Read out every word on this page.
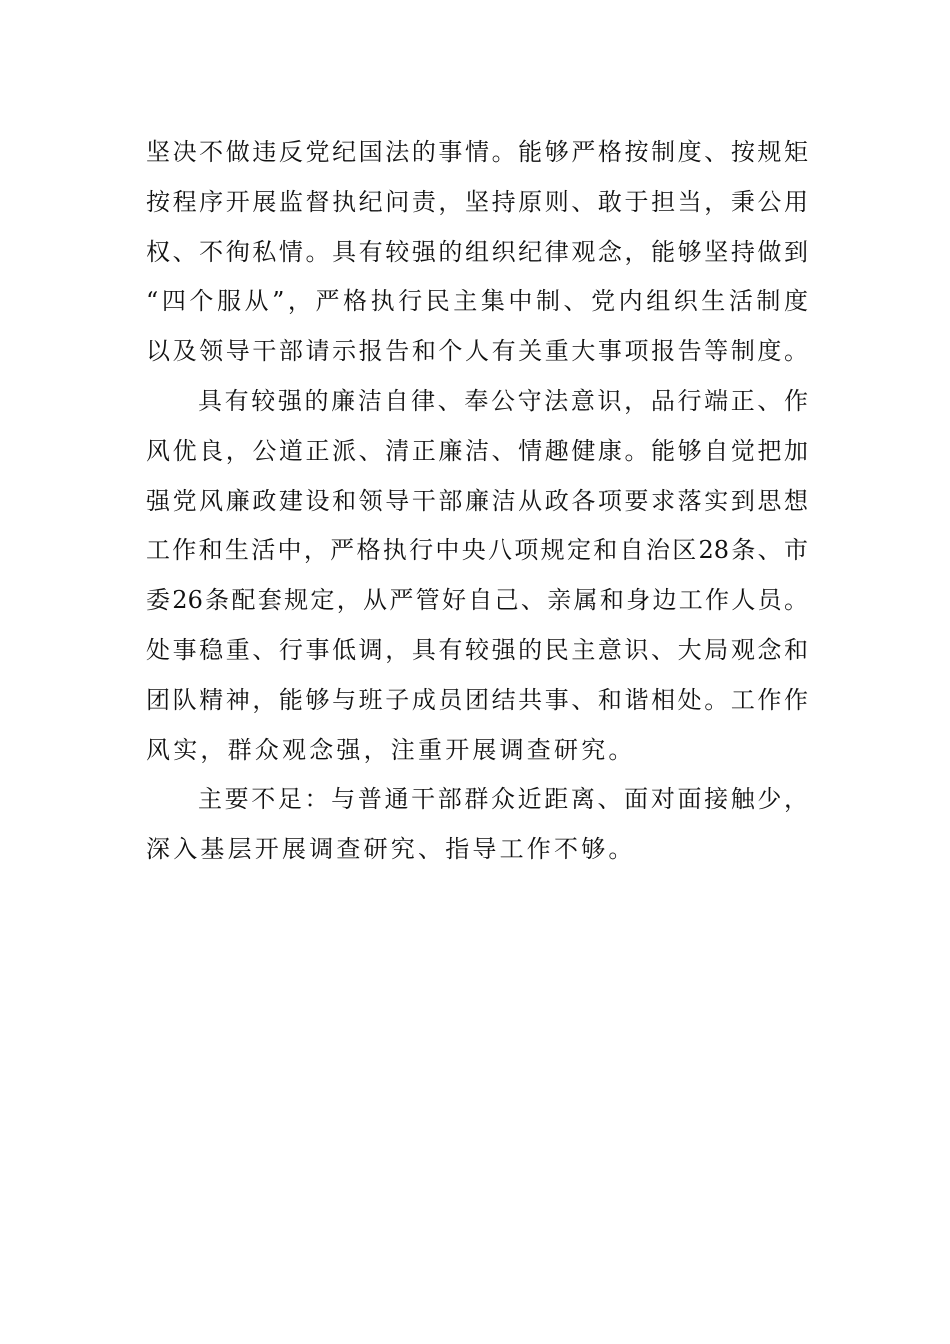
坚决不做违反党纪国法的事情。能够严格按制度、按规矩
按程序开展监督执纪问责，坚持原则、敢于担当，秉公用
权、不徇私情。具有较强的组织纪律观念，能够坚持做到
“四个服从”，严格执行民主集中制、党内组织生活制度
以及领导干部请示报告和个人有关重大事项报告等制度。
具有较强的廉洁自律、奉公守法意识，品行端正、作
风优良，公道正派、清正廉洁、情趣健康。能够自觉把加
强党风廉政建设和领导干部廉洁从政各项要求落实到思想
工作和生活中，严格执行中央八项规定和自治区28条、市
委26条配套规定，从严管好自己、亲属和身边工作人员。
处事稳重、行事低调，具有较强的民主意识、大局观念和
团队精神，能够与班子成员团结共事、和谐相处。工作作
风实，群众观念强，注重开展调查研究。
主要不足：与普通干部群众近距离、面对面接触少，
深入基层开展调查研究、指导工作不够。
